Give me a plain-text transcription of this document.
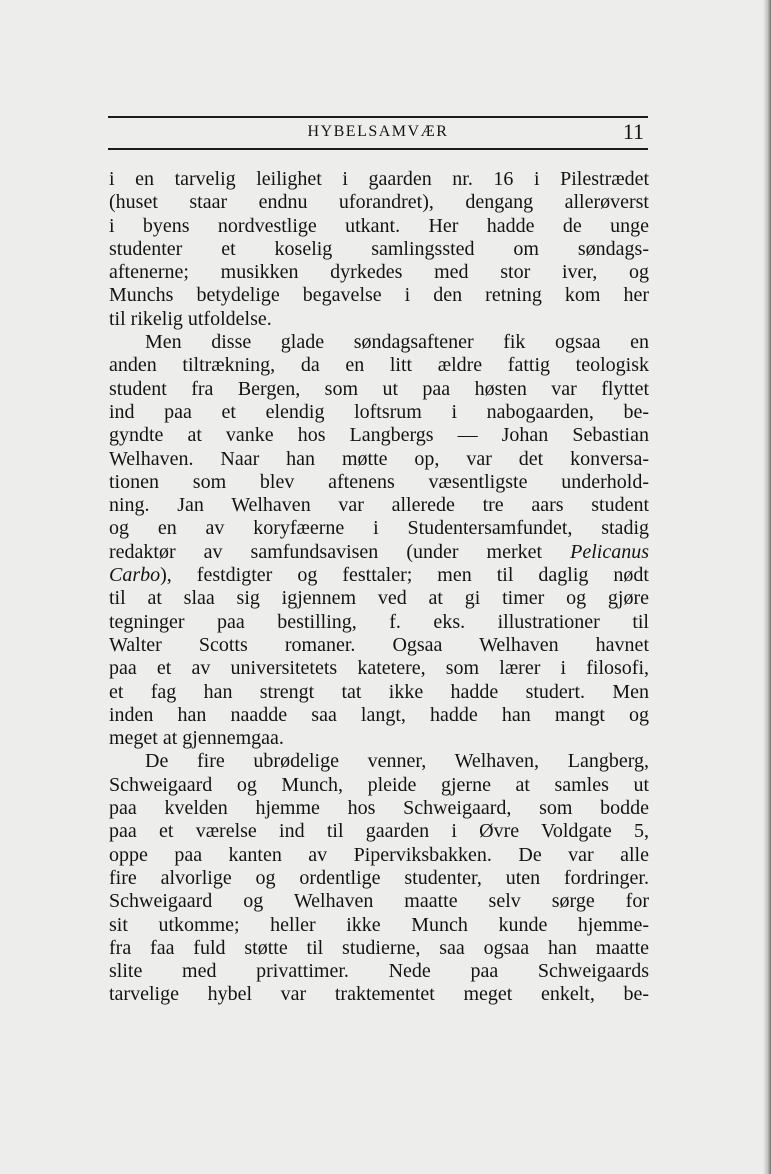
HYBELSAMVÆR	11
i en tarvelig leilighet i gaarden nr. 16 i Pilestrædet
(huset staar endnu uforandret), dengang allerøverst
i byens nordvestlige utkant. Her hadde de unge
studenter et koselig samlingssted om søndags-
aftenerne; musikken dyrkedes med stor iver, og
Munchs betydelige begavelse i den retning kom her
til rikelig utfoldelse.
Men disse glade søndagsaftener fik ogsaa en
anden tiltrækning, da en litt ældre fattig teologisk
student fra Bergen, som ut paa høsten var flyttet
ind paa et elendig loftsrum i nabogaarden, be-
gyndte at vanke hos Langbergs — Johan Sebastian
Welhaven. Naar han møtte op, var det konversa-
tionen som blev aftenens væsentligste underhold-
ning. Jan Welhaven var allerede tre aars student
og en av koryfæerne i Studentersamfundet, stadig
redaktør av samfundsavisen (under merket Pelicanus
Carbo), festdigter og festtaler; men til daglig nødt
til at slaa sig igjennem ved at gi timer og gjøre
tegninger paa bestilling, f. eks. illustrationer til
Walter Scotts romaner. Ogsaa Welhaven havnet
paa et av universitetets katetere, som lærer i filosofi,
et fag han strengt tat ikke hadde studert. Men
inden han naadde saa langt, hadde han mangt og
meget at gjennemgaa.
De fire ubrødelige venner, Welhaven, Langberg,
Schweigaard og Munch, pleide gjerne at samles ut
paa kvelden hjemme hos Schweigaard, som bodde
paa et værelse ind til gaarden i Øvre Voldgate 5,
oppe paa kanten av Piperviksbakken. De var alle
fire alvorlige og ordentlige studenter, uten fordringer.
Schweigaard og Welhaven maatte selv sørge for
sit utkomme; heller ikke Munch kunde hjemme-
fra faa fuld støtte til studierne, saa ogsaa han maatte
slite med privattimer. Nede paa Schweigaards
tarvelige hybel var traktementet meget enkelt, be-
